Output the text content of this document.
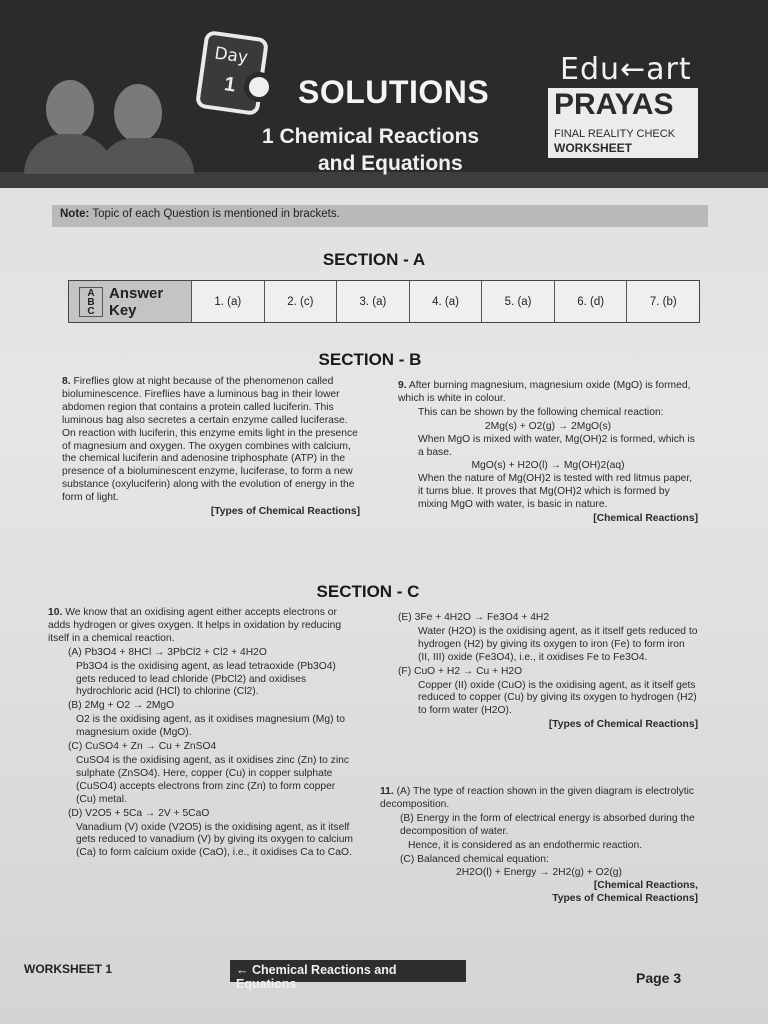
Day
1 SOLUTIONS
1 Chemical Reactions
and Equations
Edu←art
PRAYAS
FINAL REALITY CHECK
WORKSHEET
Note: Topic of each Question is mentioned in brackets.
SECTION - A
A
B
C
Answer
Key	1. (a)	2. (c)	3. (a)	4. (a)	5. (a)	6. (d)	7. (b)
SECTION - B

8. Fireflies glow at night because of the phenomenon called bioluminescence. Fireflies have a luminous bag in their lower abdomen region that contains a protein called luciferin. This luminous bag also secretes a certain enzyme called luciferase. On reaction with luciferin, this enzyme emits light in the presence of magnesium and oxygen. The oxygen combines with calcium, the chemical luciferin and adenosine triphosphate (ATP) in the presence of a bioluminescent enzyme, luciferase, to form a new substance (oxyluciferin) along with the evolution of energy in the form of light.

[Types of Chemical Reactions]

9. After burning magnesium, magnesium oxide (MgO) is formed, which is white in colour.

This can be shown by the following chemical reaction:

2Mg(s) + O2(g) → 2MgO(s)

When MgO is mixed with water, Mg(OH)2 is formed, which is a base.

MgO(s) + H2O(l) → Mg(OH)2(aq)

When the nature of Mg(OH)2 is tested with red litmus paper, it turns blue. It proves that Mg(OH)2 which is formed by mixing MgO with water, is basic in nature.

[Chemical Reactions]
SECTION - C

10. We know that an oxidising agent either accepts electrons or adds hydrogen or gives oxygen. It helps in oxidation by reducing itself in a chemical reaction.

(A) Pb3O4 + 8HCl → 3PbCl2 + Cl2 + 4H2O

Pb3O4 is the oxidising agent, as lead tetraoxide (Pb3O4) gets reduced to lead chloride (PbCl2) and oxidises hydrochloric acid (HCl) to chlorine (Cl2).

(B) 2Mg + O2 → 2MgO

O2 is the oxidising agent, as it oxidises magnesium (Mg) to magnesium oxide (MgO).

(C) CuSO4 + Zn → Cu + ZnSO4

CuSO4 is the oxidising agent, as it oxidises zinc (Zn) to zinc sulphate (ZnSO4). Here, copper (Cu) in copper sulphate (CuSO4) accepts electrons from zinc (Zn) to form copper (Cu) metal.

(D) V2O5 + 5Ca → 2V + 5CaO

Vanadium (V) oxide (V2O5) is the oxidising agent, as it itself gets reduced to vanadium (V) by giving its oxygen to calcium (Ca) to form calcium oxide (CaO), i.e., it oxidises Ca to CaO.

(E) 3Fe + 4H2O → Fe3O4 + 4H2

Water (H2O) is the oxidising agent, as it itself gets reduced to hydrogen (H2) by giving its oxygen to iron (Fe) to form iron (II, III) oxide (Fe3O4), i.e., it oxidises Fe to Fe3O4.

(F) CuO + H2 → Cu + H2O

Copper (II) oxide (CuO) is the oxidising agent, as it itself gets reduced to copper (Cu) by giving its oxygen to hydrogen (H2) to form water (H2O).

[Types of Chemical Reactions]

11. (A) The type of reaction shown in the given diagram is electrolytic decomposition.

(B) Energy in the form of electrical energy is absorbed during the decomposition of water.

Hence, it is considered as an endothermic reaction.

(C) Balanced chemical equation:

2H2O(l) + Energy → 2H2(g) + O2(g)
[Chemical Reactions,
Types of Chemical Reactions]
WORKSHEET 1	← Chemical Reactions and Equations	Page 3
